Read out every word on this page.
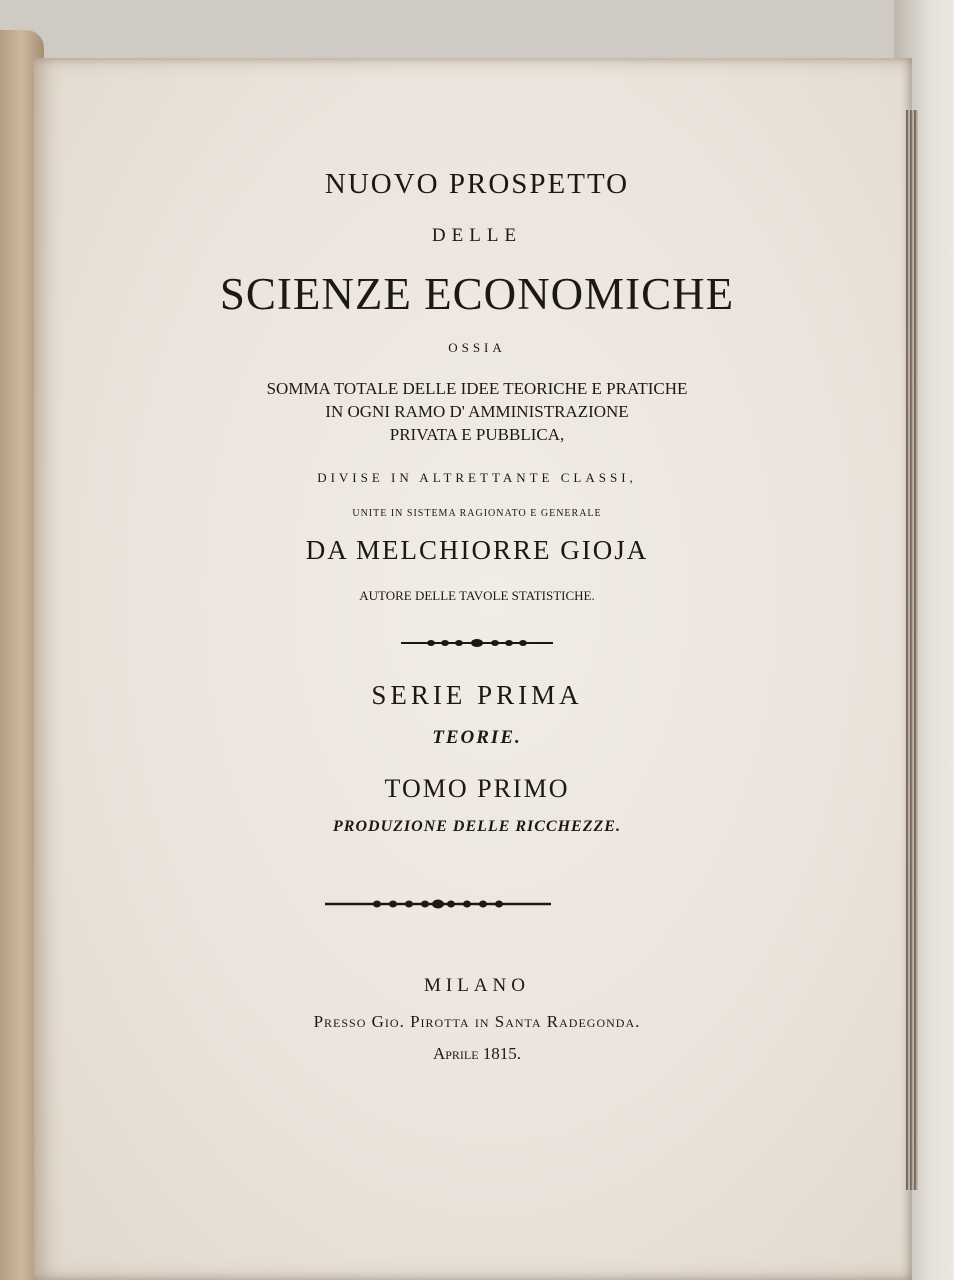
NUOVO PROSPETTO
DELLE
SCIENZE ECONOMICHE
OSSIA
SOMMA TOTALE DELLE IDEE TEORICHE E PRATICHE
IN OGNI RAMO D' AMMINISTRAZIONE
PRIVATA E PUBBLICA,
DIVISE IN ALTRETTANTE CLASSI,
UNITE IN SISTEMA RAGIONATO E GENERALE
DA MELCHIORRE GIOJA
AUTORE DELLE TAVOLE STATISTICHE.
SERIE PRIMA
TEORIE.
TOMO PRIMO
PRODUZIONE DELLE RICCHEZZE.
MILANO
Presso Gio. Pirotta in Santa Radegonda.
Aprile 1815.
